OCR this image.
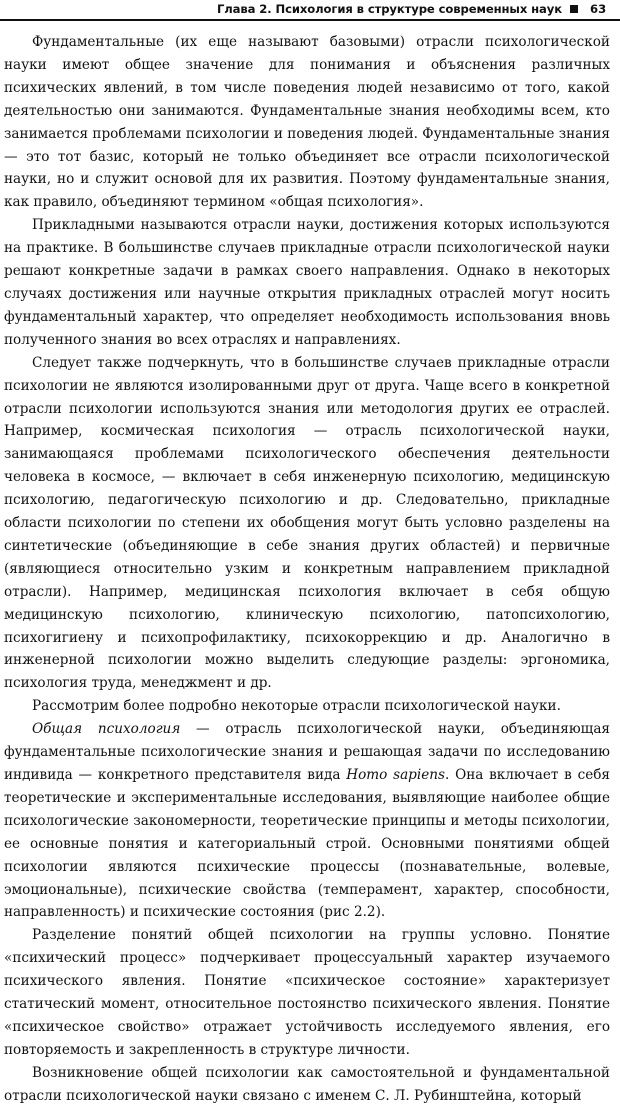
Глава 2. Психология в структуре современных наук 63

Фундаментальные (их еще называют базовыми) отрасли психологической науки имеют общее значение для понимания и объяснения различных психических явлений, в том числе поведения людей независимо от того, какой деятельностью они занимаются. Фундаментальные знания необходимы всем, кто занимается проблемами психологии и поведения людей. Фундаментальные знания — это тот базис, который не только объединяет все отрасли психологической науки, но и служит основой для их развития. Поэтому фундаментальные знания, как правило, объединяют термином «общая психология».

Прикладными называются отрасли науки, достижения которых используются на практике. В большинстве случаев прикладные отрасли психологической науки решают конкретные задачи в рамках своего направления. Однако в некоторых случаях достижения или научные открытия прикладных отраслей могут носить фундаментальный характер, что определяет необходимость использования вновь полученного знания во всех отраслях и направлениях.

Следует также подчеркнуть, что в большинстве случаев прикладные отрасли психологии не являются изолированными друг от друга. Чаще всего в конкретной отрасли психологии используются знания или методология других ее отраслей. Например, космическая психология — отрасль психологической науки, занимающаяся проблемами психологического обеспечения деятельности человека в космосе, — включает в себя инженерную психологию, медицинскую психологию, педагогическую психологию и др. Следовательно, прикладные области психологии по степени их обобщения могут быть условно разделены на синтетические (объединяющие в себе знания других областей) и первичные (являющиеся относительно узким и конкретным направлением прикладной отрасли). Например, медицинская психология включает в себя общую медицинскую психологию, клиническую психологию, патопсихологию, психогигиену и психопрофилактику, психокоррекцию и др. Аналогично в инженерной психологии можно выделить следующие разделы: эргономика, психология труда, менеджмент и др.

Рассмотрим более подробно некоторые отрасли психологической науки.

Общая психология — отрасль психологической науки, объединяющая фундаментальные психологические знания и решающая задачи по исследованию индивида — конкретного представителя вида Homo sapiens. Она включает в себя теоретические и экспериментальные исследования, выявляющие наиболее общие психологические закономерности, теоретические принципы и методы психологии, ее основные понятия и категориальный строй. Основными понятиями общей психологии являются психические процессы (познавательные, волевые, эмоциональные), психические свойства (темперамент, характер, способности, направленность) и психические состояния (рис 2.2).

Разделение понятий общей психологии на группы условно. Понятие «психический процесс» подчеркивает процессуальный характер изучаемого психического явления. Понятие «психическое состояние» характеризует статический момент, относительное постоянство психического явления. Понятие «психическое свойство» отражает устойчивость исследуемого явления, его повторяемость и закрепленность в структуре личности.

Возникновение общей психологии как самостоятельной и фундаментальной отрасли психологической науки связано с именем С. Л. Рубинштейна, который
